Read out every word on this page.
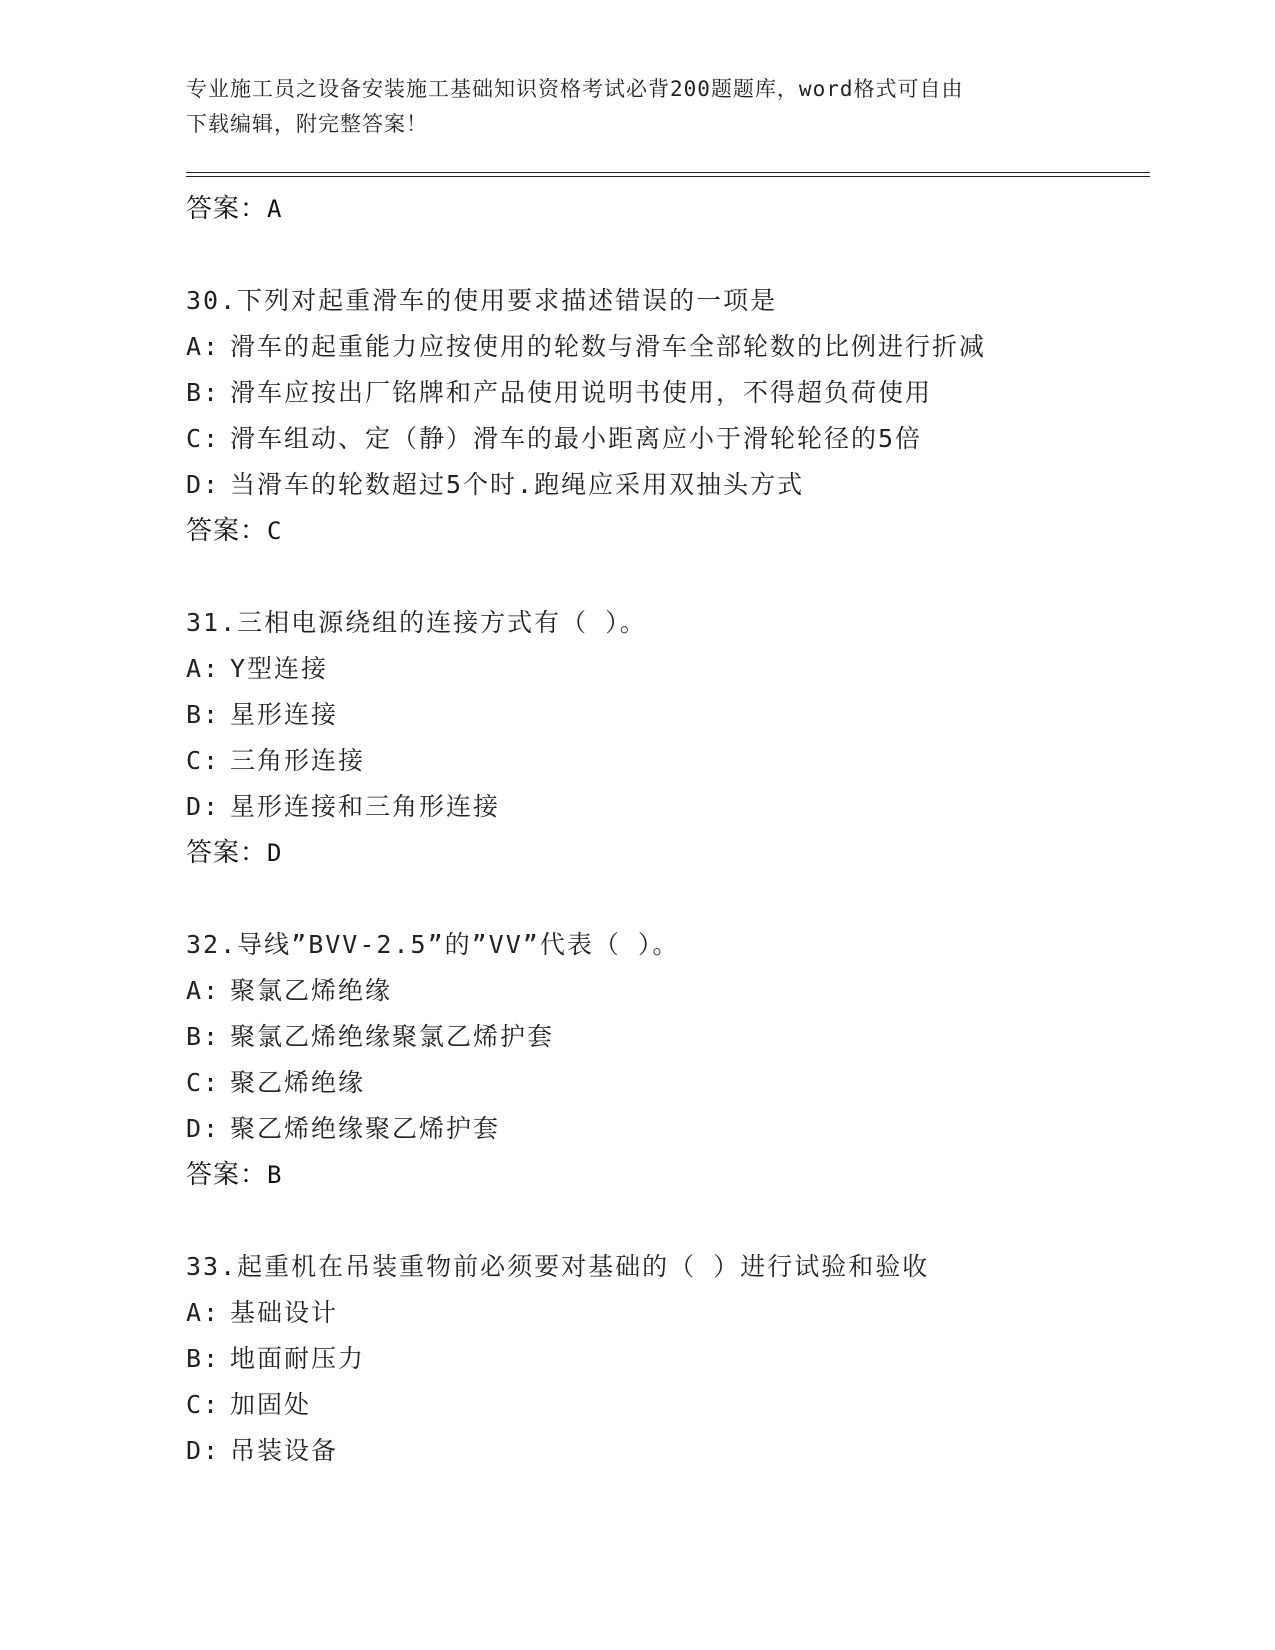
专业施工员之设备安装施工基础知识资格考试必背200题题库，word格式可自由
下载编辑，附完整答案！
答案：A
30.下列对起重滑车的使用要求描述错误的一项是
A: 滑车的起重能力应按使用的轮数与滑车全部轮数的比例进行折减
B: 滑车应按出厂铭牌和产品使用说明书使用，不得超负荷使用
C: 滑车组动、定（静）滑车的最小距离应小于滑轮轮径的5倍
D: 当滑车的轮数超过5个时.跑绳应采用双抽头方式
答案：C
31.三相电源绕组的连接方式有（ ）。
A: Y型连接
B: 星形连接
C: 三角形连接
D: 星形连接和三角形连接
答案：D
32.导线”BVV-2.5”的”VV”代表（ ）。
A: 聚氯乙烯绝缘
B: 聚氯乙烯绝缘聚氯乙烯护套
C: 聚乙烯绝缘
D: 聚乙烯绝缘聚乙烯护套
答案：B
33.起重机在吊装重物前必须要对基础的（ ）进行试验和验收
A: 基础设计
B: 地面耐压力
C: 加固处
D: 吊装设备
